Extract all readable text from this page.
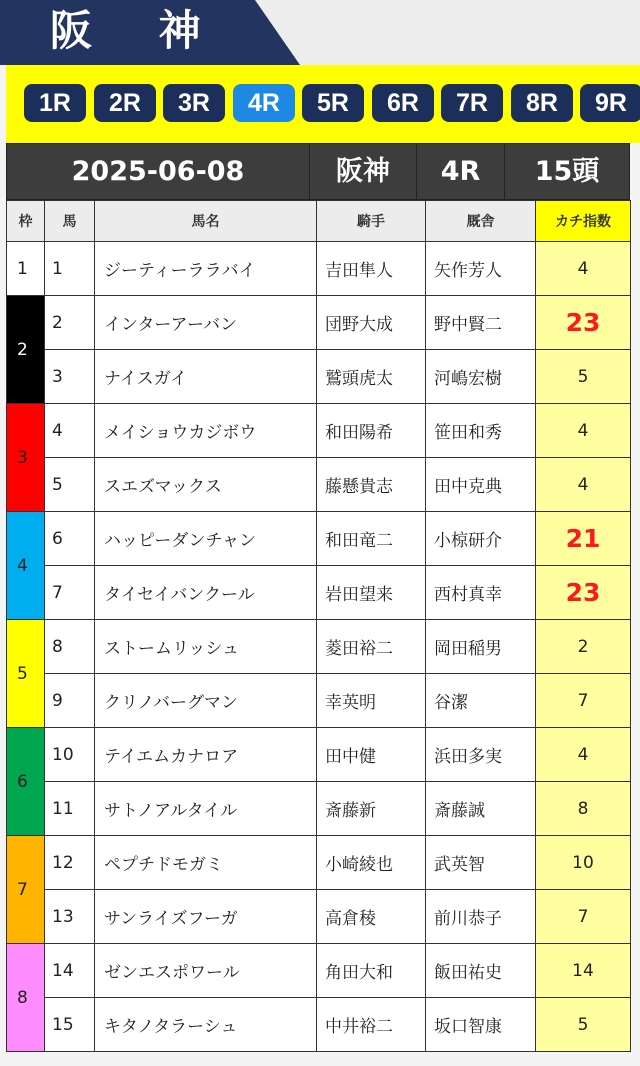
阪 神
1R	2R	3R	4R	5R	6R	7R	8R	9R
2025-06-08	阪神	4R	15頭
枠	馬	馬名	騎手	厩舎	カチ指数
1	1	ジーティーララバイ	吉田隼人	矢作芳人	4
2	2	インターアーバン	団野大成	野中賢二	23
	3	ナイスガイ	鷲頭虎太	河嶋宏樹	5
3	4	メイショウカジボウ	和田陽希	笹田和秀	4
	5	スエズマックス	藤懸貴志	田中克典	4
4	6	ハッピーダンチャン	和田竜二	小椋研介	21
	7	タイセイバンクール	岩田望来	西村真幸	23
5	8	ストームリッシュ	菱田裕二	岡田稲男	2
	9	クリノバーグマン	幸英明	谷潔	7
6	10	テイエムカナロア	田中健	浜田多実	4
	11	サトノアルタイル	斎藤新	斎藤誠	8
7	12	ペプチドモガミ	小崎綾也	武英智	10
	13	サンライズフーガ	高倉稜	前川恭子	7
8	14	ゼンエスポワール	角田大和	飯田祐史	14
	15	キタノタラーシュ	中井裕二	坂口智康	5
